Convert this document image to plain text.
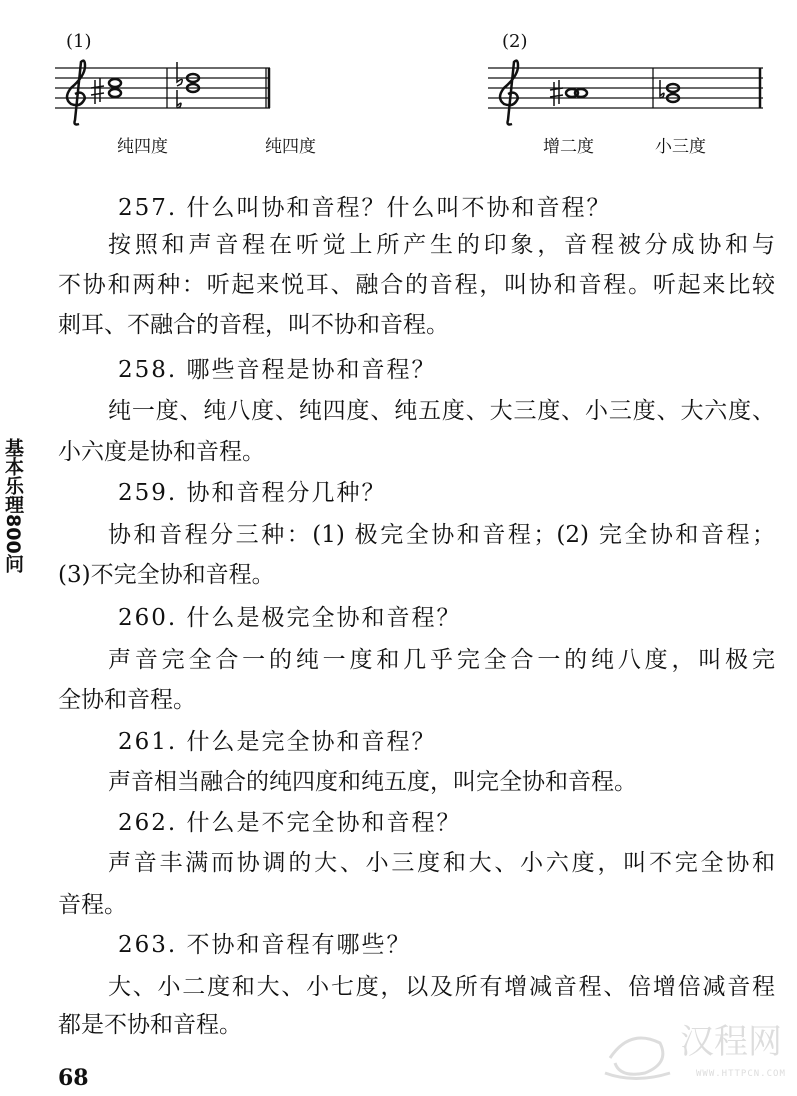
(1)	(2)
纯四度	纯四度	增二度	小三度
257. 什么叫协和音程？什么叫不协和音程？
按照和声音程在听觉上所产生的印象，音程被分成协和与
不协和两种：听起来悦耳、融合的音程，叫协和音程。听起来比较
刺耳、不融合的音程，叫不协和音程。
258. 哪些音程是协和音程？
纯一度、纯八度、纯四度、纯五度、大三度、小三度、大六度、
小六度是协和音程。
259. 协和音程分几种？
协和音程分三种：(1) 极完全协和音程；(2) 完全协和音程；
(3)不完全协和音程。
260. 什么是极完全协和音程？
声音完全合一的纯一度和几乎完全合一的纯八度，叫极完
全协和音程。
261. 什么是完全协和音程？
声音相当融合的纯四度和纯五度，叫完全协和音程。
262. 什么是不完全协和音程？
声音丰满而协调的大、小三度和大、小六度，叫不完全协和
音程。
263. 不协和音程有哪些？
大、小二度和大、小七度，以及所有增减音程、倍增倍减音程
都是不协和音程。
基本乐理800问
68
汉程网
WWW.HTTPCN.COM
